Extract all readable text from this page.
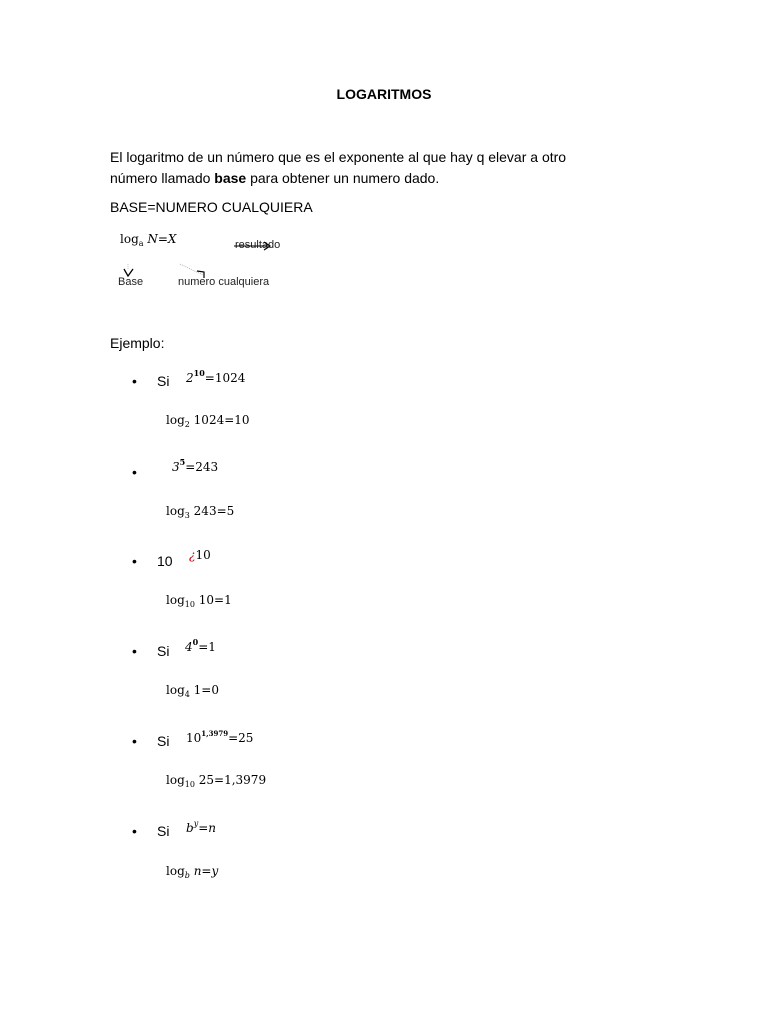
LOGARITMOS
El logaritmo de un número que es el exponente al que hay q elevar a otro
número llamado base para obtener un numero dado.
BASE=NUMERO CUALQUIERA
$\log_a N=X$	resultado
Base	numero cualquiera
Ejemplo:
Si $2^{10}=1024$
$\log_2 1024=10$
$3^5=243$
$\log_3 243=5$
10 ¿10
$\log_{10} 10=1$
Si $4^0=1$
$\log_4 1=0$
Si $10^{1,3979}=25$
$\log_{10} 25=1,3979$
Si $b^y=n$
$\log_b n=y$
